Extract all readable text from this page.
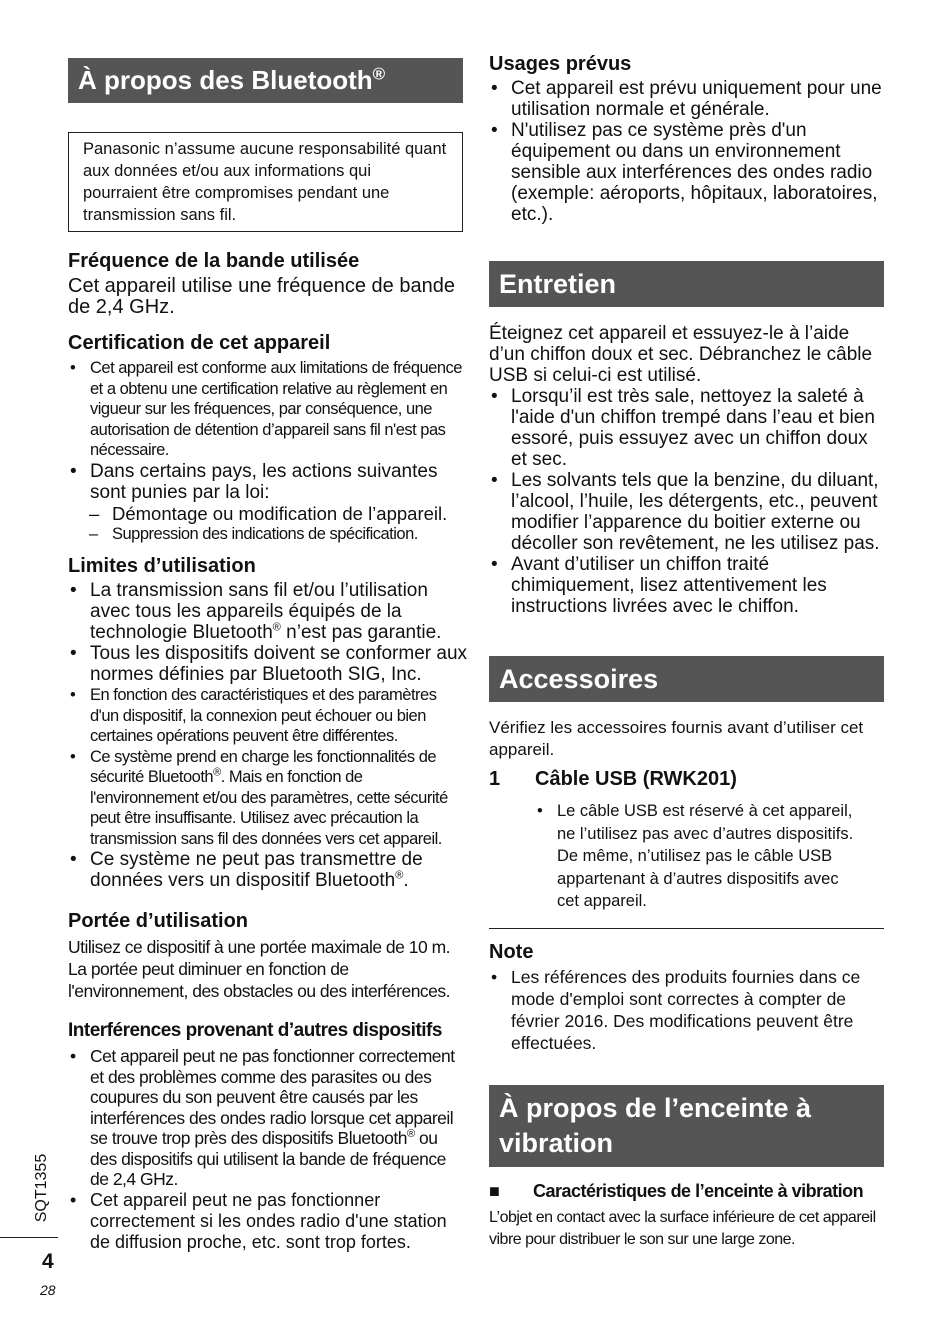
À propos des Bluetooth®
Panasonic n’assume aucune responsabilité quant aux données et/ou aux informations qui pourraient être compromises pendant une transmission sans fil.
Fréquence de la bande utilisée

Cet appareil utilise une fréquence de bande de 2,4 GHz.

Certification de cet appareil
• Cet appareil est conforme aux limitations de fréquence et a obtenu une certification relative au règlement en vigueur sur les fréquences, par conséquence, une autorisation de détention d’appareil sans fil n'est pas nécessaire.
• Dans certains pays, les actions suivantes sont punies par la loi:
– Démontage ou modification de l’appareil.
– Suppression des indications de spécification.
Limites d’utilisation
• La transmission sans fil et/ou l’utilisation avec tous les appareils équipés de la technologie Bluetooth® n’est pas garantie.
• Tous les dispositifs doivent se conformer aux normes définies par Bluetooth SIG, Inc.
• En fonction des caractéristiques et des paramètres d'un dispositif, la connexion peut échouer ou bien certaines opérations peuvent être différentes.
• Ce système prend en charge les fonctionnalités de sécurité Bluetooth®. Mais en fonction de l'environnement et/ou des paramètres, cette sécurité peut être insuffisante. Utilisez avec précaution la transmission sans fil des données vers cet appareil.
• Ce système ne peut pas transmettre de données vers un dispositif Bluetooth®.
Portée d’utilisation

Utilisez ce dispositif à une portée maximale de 10 m. La portée peut diminuer en fonction de l'environnement, des obstacles ou des interférences.

Interférences provenant d’autres dispositifs
• Cet appareil peut ne pas fonctionner correctement et des problèmes comme des parasites ou des coupures du son peuvent être causés par les interférences des ondes radio lorsque cet appareil se trouve trop près des dispositifs Bluetooth® ou des dispositifs qui utilisent la bande de fréquence de 2,4 GHz.
• Cet appareil peut ne pas fonctionner correctement si les ondes radio d'une station de diffusion proche, etc. sont trop fortes.
Usages prévus
• Cet appareil est prévu uniquement pour une utilisation normale et générale.
• N'utilisez pas ce système près d'un équipement ou dans un environnement sensible aux interférences des ondes radio (exemple: aéroports, hôpitaux, laboratoires, etc.).
Entretien

Éteignez cet appareil et essuyez-le à l’aide d’un chiffon doux et sec. Débranchez le câble USB si celui-ci est utilisé.

• Lorsqu’il est très sale, nettoyez la saleté à l'aide d'un chiffon trempé dans l’eau et bien essoré, puis essuyez avec un chiffon doux et sec.
• Les solvants tels que la benzine, du diluant, l’alcool, l’huile, les détergents, etc., peuvent modifier l’apparence du boitier externe ou décoller son revêtement, ne les utilisez pas.
• Avant d’utiliser un chiffon traité chimiquement, lisez attentivement les instructions livrées avec le chiffon.
Accessoires

Vérifiez les accessoires fournis avant d’utiliser cet appareil.

1 Câble USB (RWK201)
• Le câble USB est réservé à cet appareil, ne l’utilisez pas avec d’autres dispositifs. De même, n’utilisez pas le câble USB appartenant à d’autres dispositifs avec cet appareil.
Note
• Les références des produits fournies dans ce mode d'emploi sont correctes à compter de février 2016. Des modifications peuvent être effectuées.
À propos de l’enceinte à vibration
■ Caractéristiques de l’enceinte à vibration

L’objet en contact avec la surface inférieure de cet appareil vibre pour distribuer le son sur une large zone.

SQT1355
4
28
